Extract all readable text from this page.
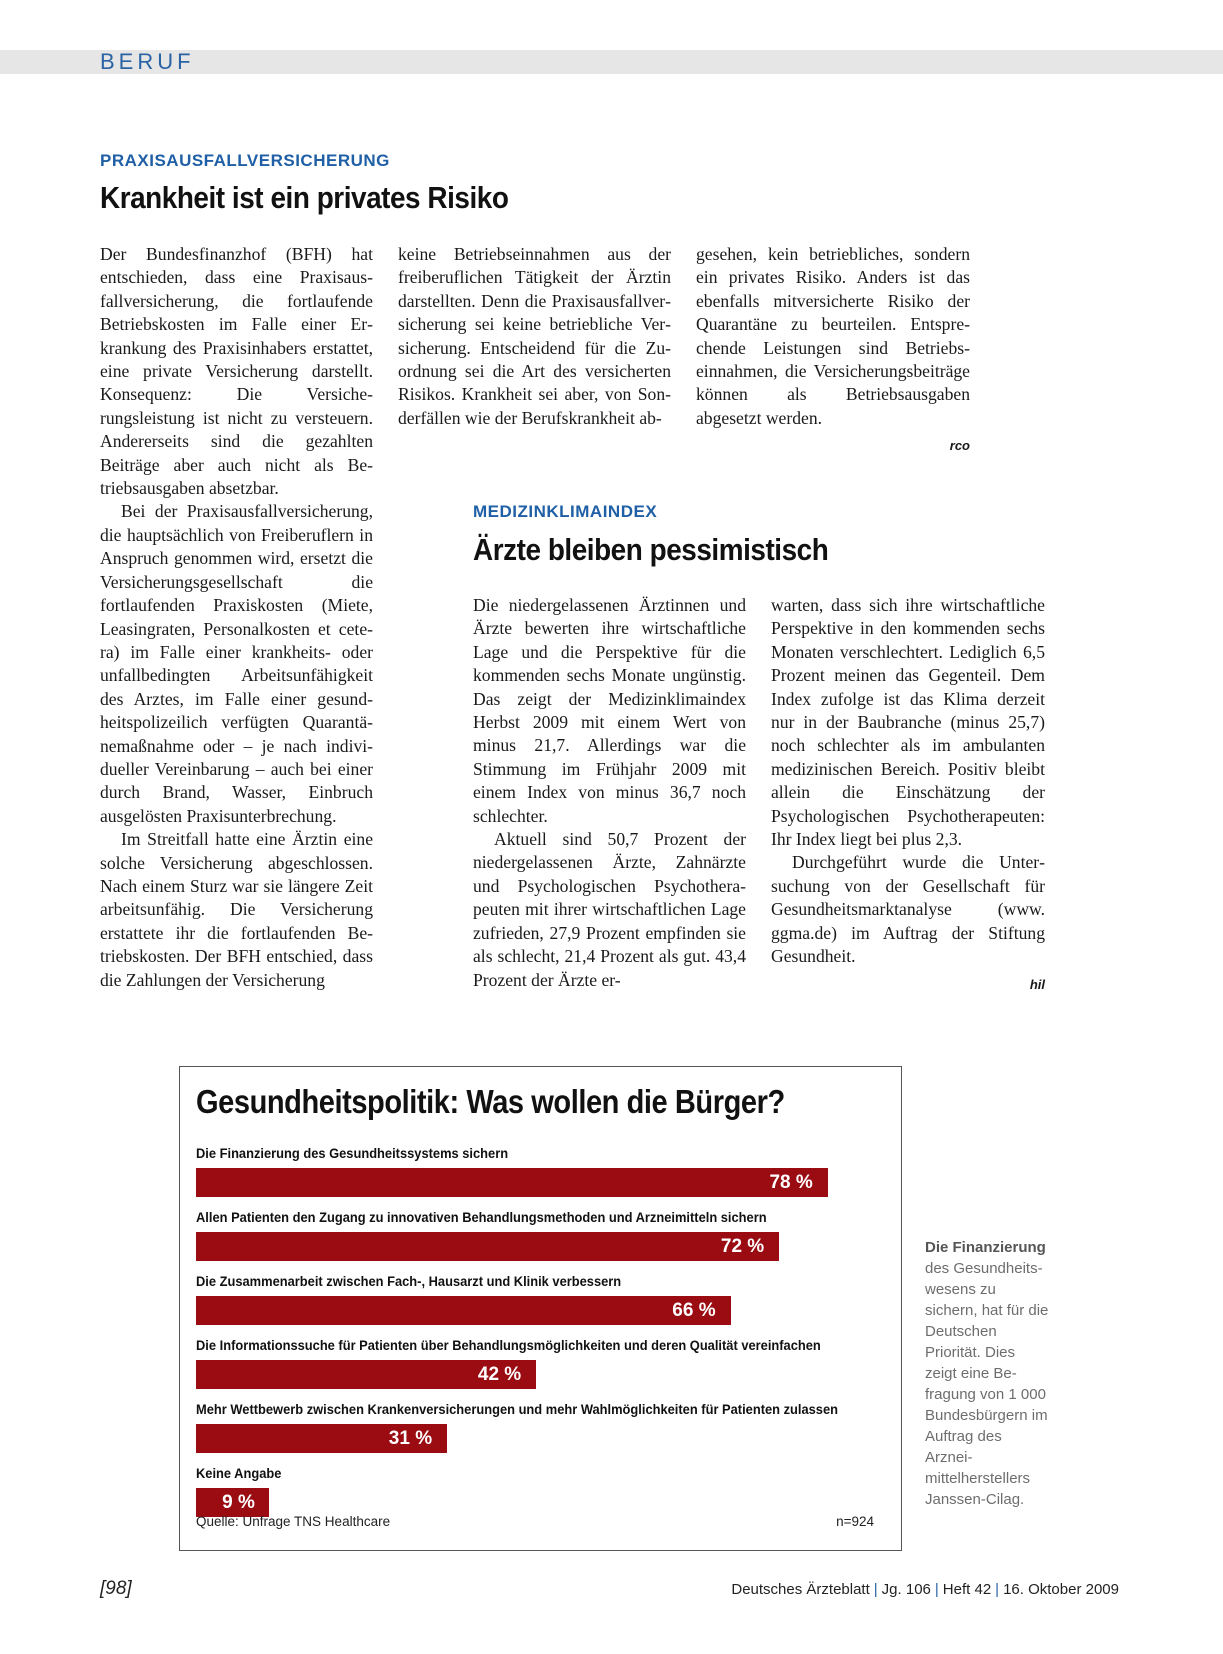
BERUF
PRAXISAUSFALLVERSICHERUNG
Krankheit ist ein privates Risiko

Der Bundesfinanzhof (BFH) hat entschieden, dass eine Praxisausfallversicherung, die fortlaufende Betriebskosten im Falle einer Erkrankung des Praxisinhabers erstattet, eine private Versicherung darstellt. Konsequenz: Die Versicherungsleistung ist nicht zu versteuern. Andererseits sind die gezahlten Beiträge aber auch nicht als Betriebsausgaben absetzbar.

Bei der Praxisausfallversicherung, die hauptsächlich von Freiberuflern in Anspruch genommen wird, ersetzt die Versicherungsgesellschaft die fortlaufenden Praxiskosten (Miete, Leasingraten, Personalkosten et cetera) im Falle einer krankheits- oder unfallbedingten Arbeitsunfähigkeit des Arztes, im Falle einer gesundheitspolizeilich verfügten Quarantänemaßnahme oder – je nach individueller Vereinbarung – auch bei einer durch Brand, Wasser, Einbruch ausgelösten Praxisunterbrechung.

Im Streitfall hatte eine Ärztin eine solche Versicherung abgeschlossen. Nach einem Sturz war sie längere Zeit arbeitsunfähig. Die Versicherung erstattete ihr die fortlaufenden Betriebskosten. Der BFH entschied, dass die Zahlungen der Versicherung

keine Betriebseinnahmen aus der freiberuflichen Tätigkeit der Ärztin darstellten. Denn die Praxisausfallversicherung sei keine betriebliche Versicherung. Entscheidend für die Zuordnung sei die Art des versicherten Risikos. Krankheit sei aber, von Sonderfällen wie der Berufskrankheit ab-

gesehen, kein betriebliches, sondern ein privates Risiko. Anders ist das ebenfalls mitversicherte Risiko der Quarantäne zu beurteilen. Entsprechende Leistungen sind Betriebseinnahmen, die Versicherungsbeiträge können als Betriebsausgaben abgesetzt werden.

rco
MEDIZINKLIMAINDEX
Ärzte bleiben pessimistisch

Die niedergelassenen Ärztinnen und Ärzte bewerten ihre wirtschaftliche Lage und die Perspektive für die kommenden sechs Monate ungünstig. Das zeigt der Medizinklimaindex Herbst 2009 mit einem Wert von minus 21,7. Allerdings war die Stimmung im Frühjahr 2009 mit einem Index von minus 36,7 noch schlechter.

Aktuell sind 50,7 Prozent der niedergelassenen Ärzte, Zahnärzte und Psychologischen Psychotherapeuten mit ihrer wirtschaftlichen Lage zufrieden, 27,9 Prozent empfinden sie als schlecht, 21,4 Prozent als gut. 43,4 Prozent der Ärzte er-

warten, dass sich ihre wirtschaftliche Perspektive in den kommenden sechs Monaten verschlechtert. Lediglich 6,5 Prozent meinen das Gegenteil. Dem Index zufolge ist das Klima derzeit nur in der Baubranche (minus 25,7) noch schlechter als im ambulanten medizinischen Bereich. Positiv bleibt allein die Einschätzung der Psychologischen Psychotherapeuten: Ihr Index liegt bei plus 2,3.

Durchgeführt wurde die Untersuchung von der Gesellschaft für Gesundheitsmarktanalyse (www. ggma.de) im Auftrag der Stiftung Gesundheit.

hil
Gesundheitspolitik: Was wollen die Bürger?
Die Finanzierung des Gesundheitssystems sichern
78 %
Allen Patienten den Zugang zu innovativen Behandlungsmethoden und Arzneimitteln sichern
72 %
Die Zusammenarbeit zwischen Fach-, Hausarzt und Klinik verbessern
66 %
Die Informationssuche für Patienten über Behandlungsmöglichkeiten und deren Qualität vereinfachen
42 %
Mehr Wettbewerb zwischen Krankenversicherungen und mehr Wahlmöglichkeiten für Patienten zulassen
31 %
Keine Angabe
9 %
Quelle: Unfrage TNS Healthcare	n=924
Die Finanzierung des Gesundheitswesens zu sichern, hat für die Deutschen Priorität. Dies zeigt eine Befragung von 1 000 Bundesbürgern im Auftrag des Arzneimittelherstellers Janssen-Cilag.
[98]	Deutsches Ärzteblatt | Jg. 106 | Heft 42 | 16. Oktober 2009
